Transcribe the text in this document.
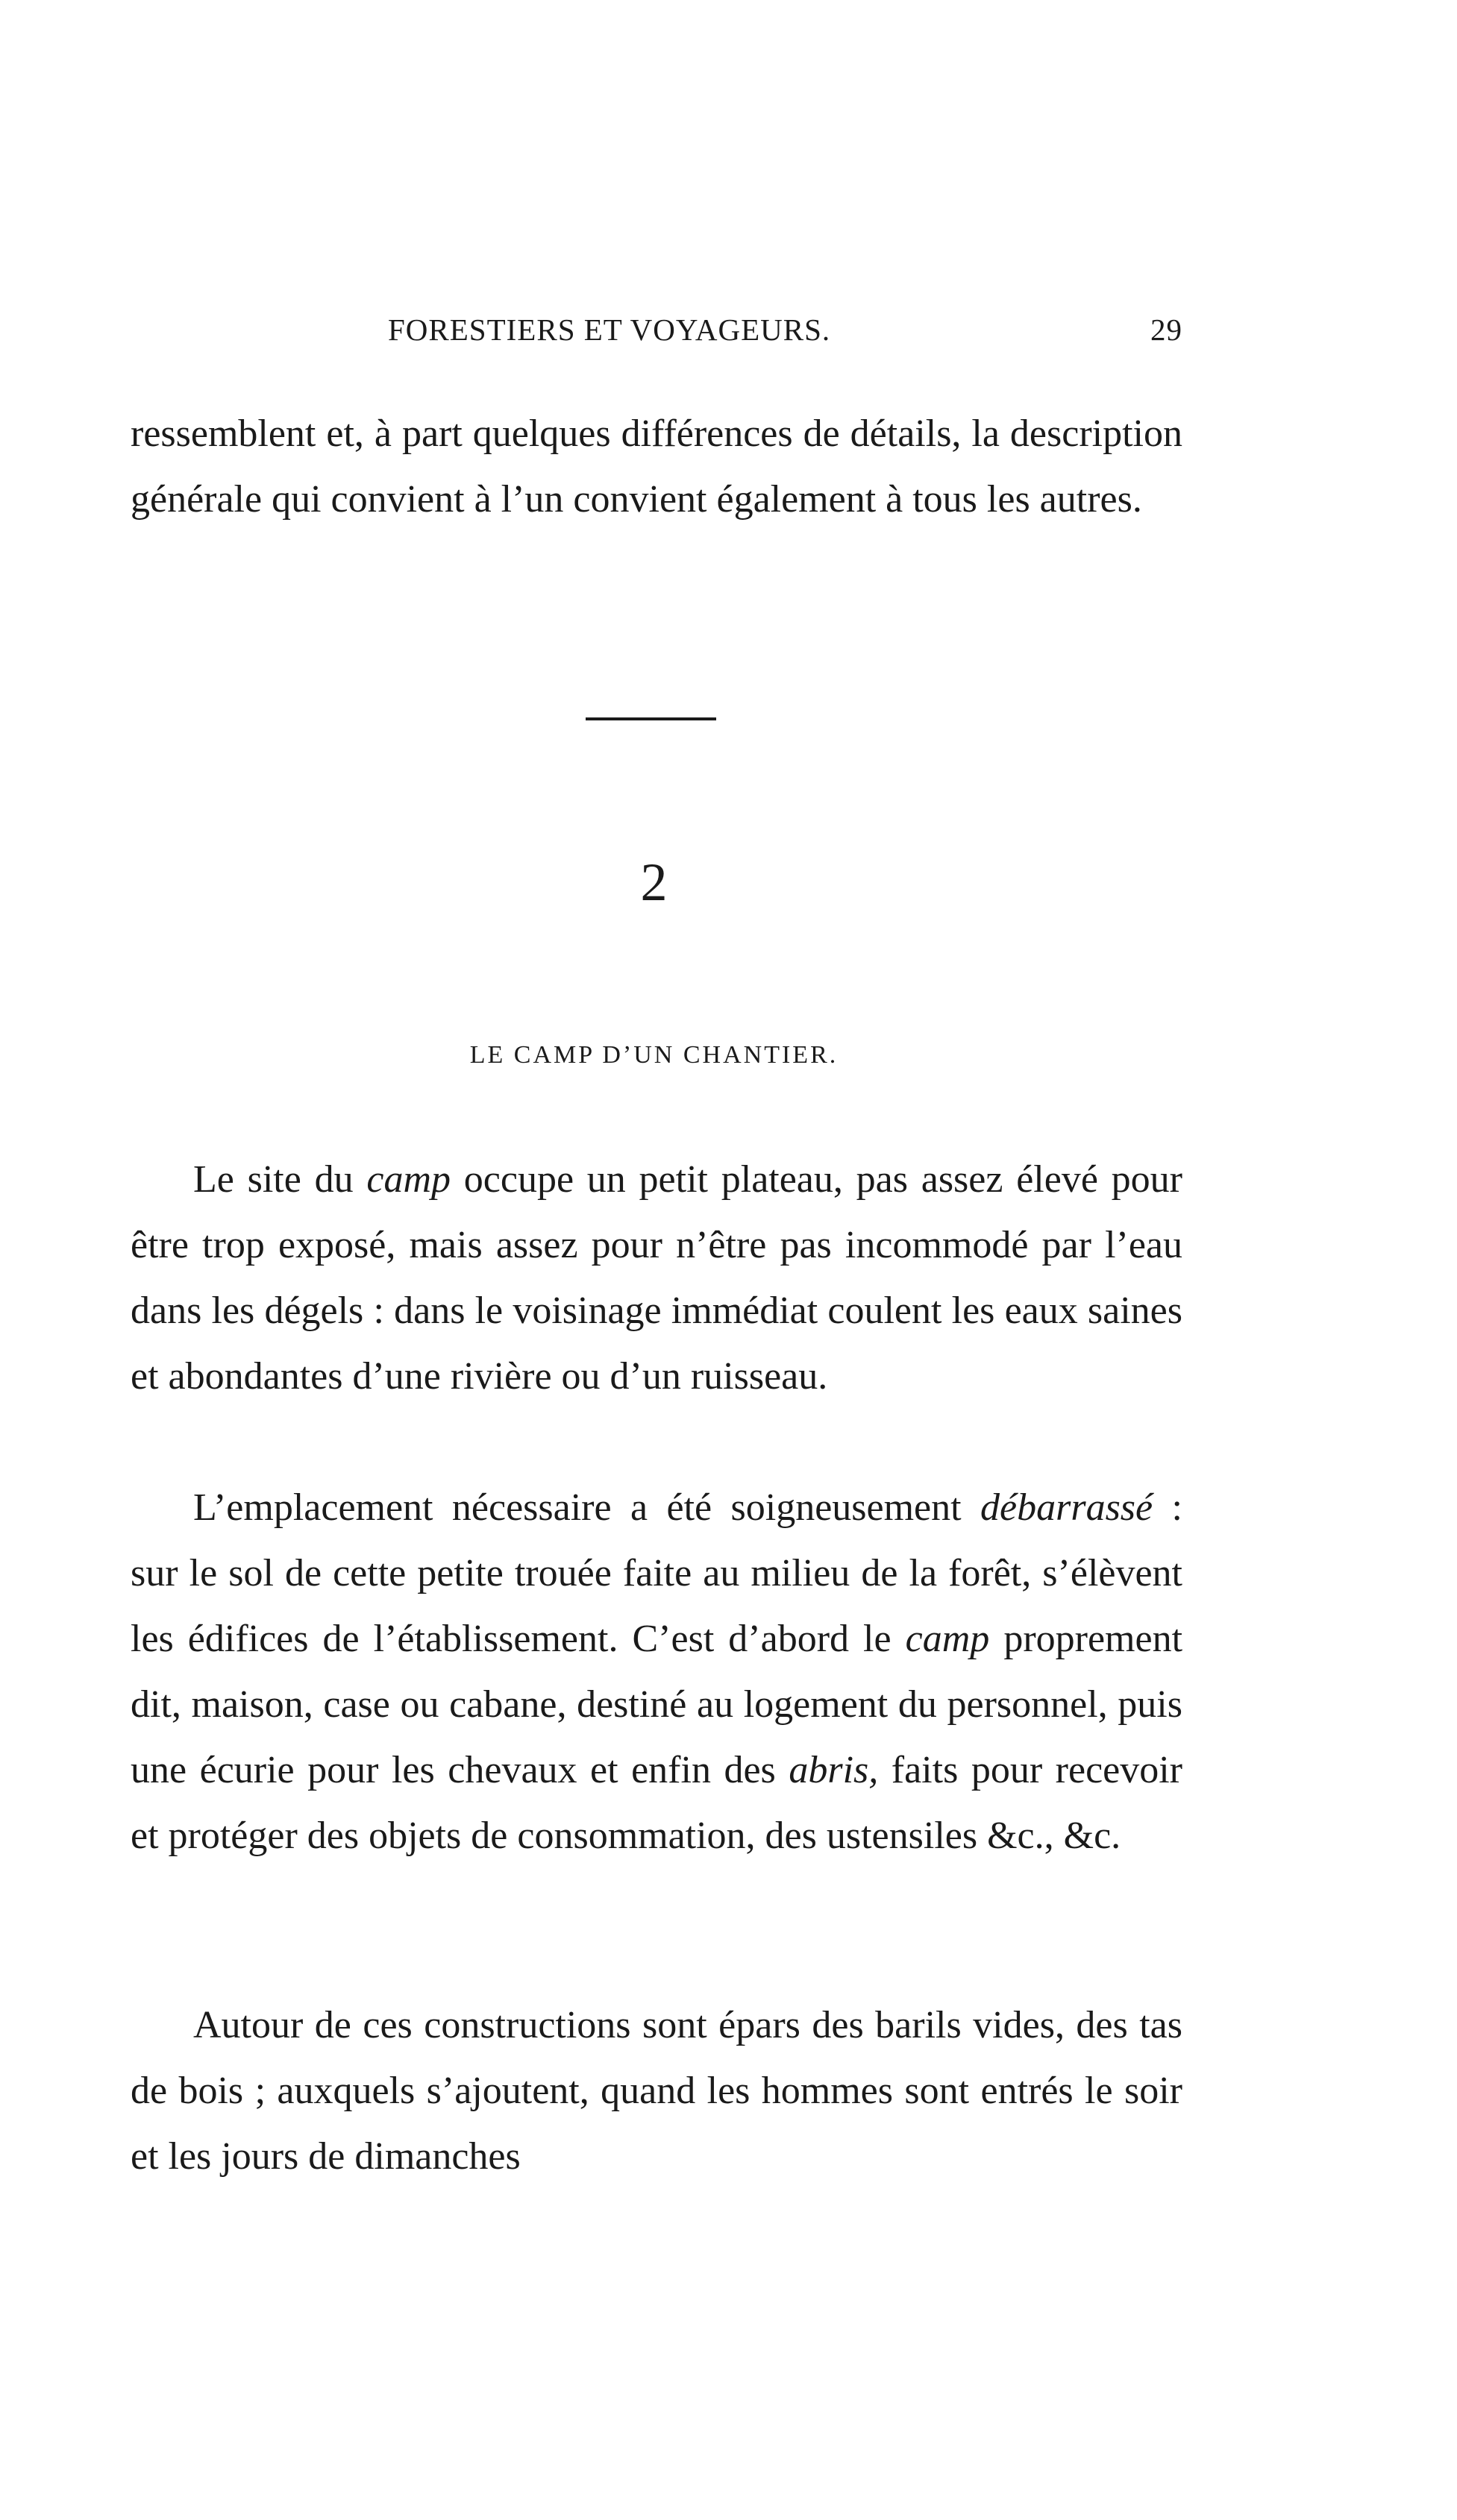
FORESTIERS ET VOYAGEURS.	29

ressemblent et, à part quelques différences de détails, la description générale qui convient à l’un convient également à tous les autres.

2
LE CAMP D’UN CHANTIER.

Le site du camp occupe un petit plateau, pas assez élevé pour être trop exposé, mais assez pour n’être pas incommodé par l’eau dans les dégels : dans le voisinage immédiat coulent les eaux saines et abondantes d’une rivière ou d’un ruisseau.

L’emplacement nécessaire a été soigneusement débarrassé : sur le sol de cette petite trouée faite au milieu de la forêt, s’élèvent les édifices de l’établissement. C’est d’abord le camp proprement dit, maison, case ou cabane, destiné au logement du personnel, puis une écurie pour les chevaux et enfin des abris, faits pour recevoir et protéger des objets de consommation, des ustensiles &c., &c.

Autour de ces constructions sont épars des barils vides, des tas de bois ; auxquels s’ajoutent, quand les hommes sont entrés le soir et les jours de dimanches
